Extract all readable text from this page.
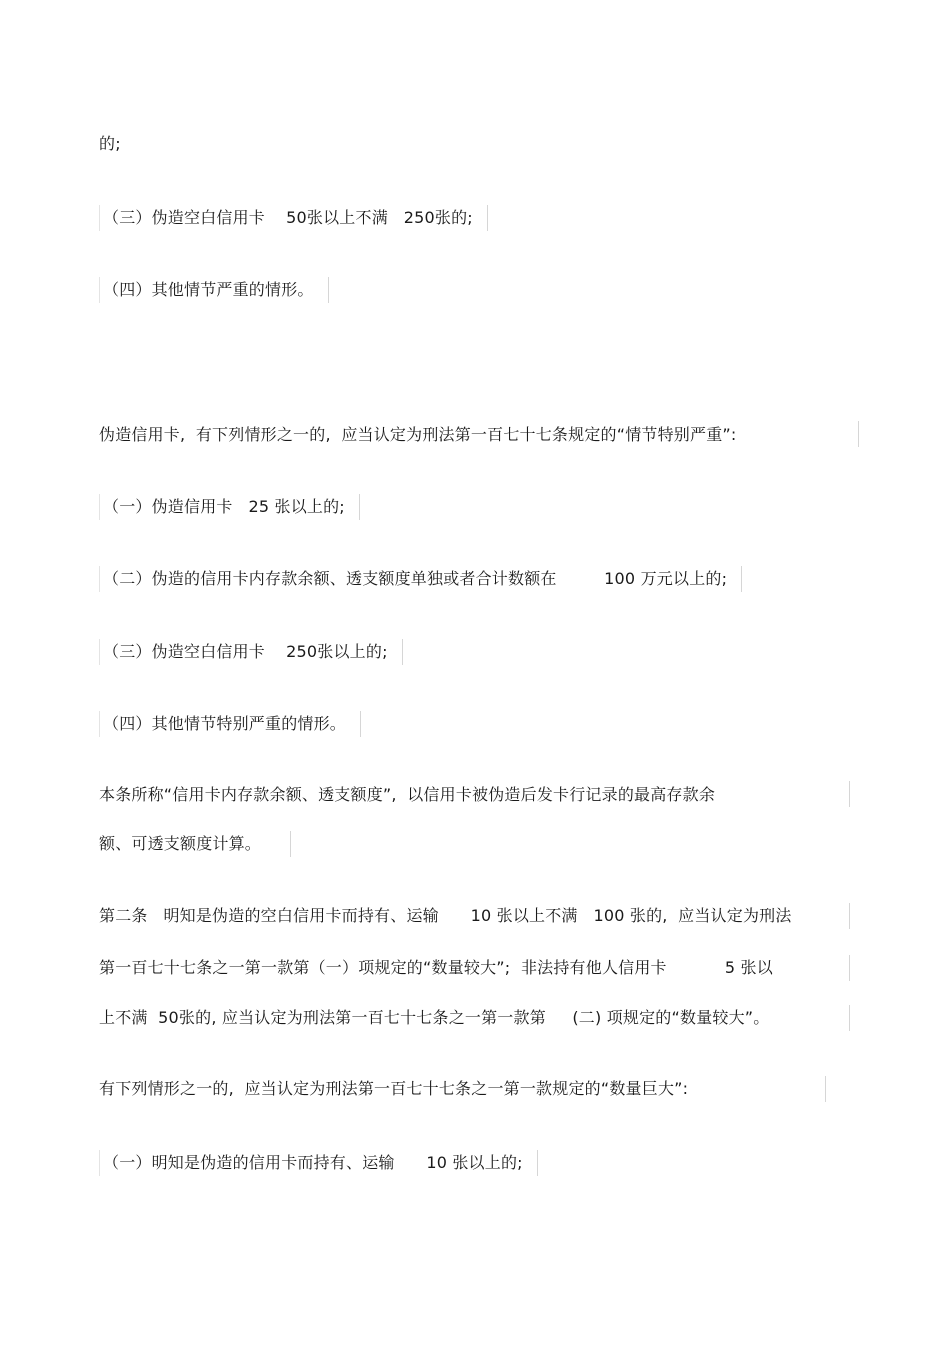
的;
（三）伪造空白信用卡    50张以上不满   250张的;
（四）其他情节严重的情形。
伪造信用卡,  有下列情形之一的,  应当认定为刑法第一百七十七条规定的“情节特别严重”:
（一）伪造信用卡   25 张以上的;
（二）伪造的信用卡内存款余额、透支额度单独或者合计数额在         100 万元以上的;
（三）伪造空白信用卡    250张以上的;
（四）其他情节特别严重的情形。
本条所称“信用卡内存款余额、透支额度”,  以信用卡被伪造后发卡行记录的最高存款余
额、可透支额度计算。
第二条   明知是伪造的空白信用卡而持有、运输      10 张以上不满   100 张的,  应当认定为刑法
第一百七十七条之一第一款第（一）项规定的“数量较大”;  非法持有他人信用卡           5 张以
上不满  50张的, 应当认定为刑法第一百七十七条之一第一款第     (二) 项规定的“数量较大”。
有下列情形之一的,  应当认定为刑法第一百七十七条之一第一款规定的“数量巨大”:
（一）明知是伪造的信用卡而持有、运输      10 张以上的;
